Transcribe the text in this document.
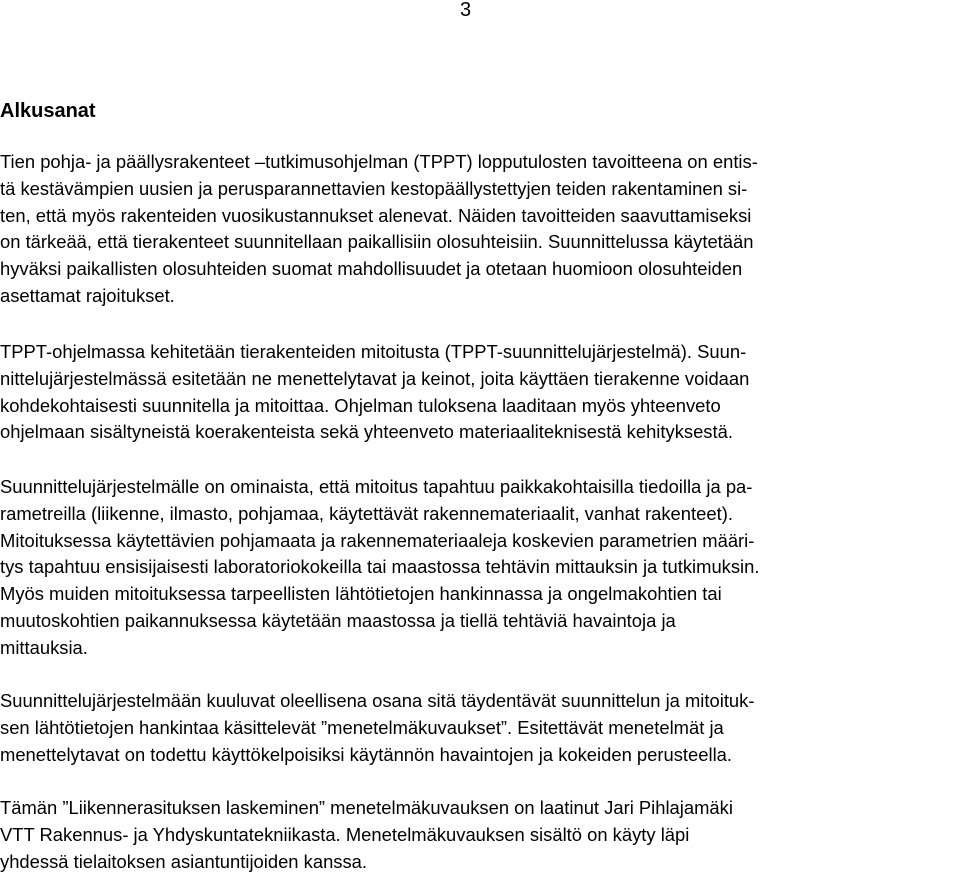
3
Alkusanat
Tien pohja- ja päällysrakenteet –tutkimusohjelman (TPPT) lopputulosten tavoitteena on entis-
tä kestävämpien uusien ja perusparannettavien kestopäällystettyjen teiden rakentaminen si-
ten, että myös rakenteiden vuosikustannukset alenevat. Näiden tavoitteiden saavuttamiseksi
on tärkeää, että tierakenteet suunnitellaan paikallisiin olosuhteisiin. Suunnittelussa käytetään
hyväksi paikallisten olosuhteiden suomat mahdollisuudet ja otetaan huomioon olosuhteiden
asettamat rajoitukset.
TPPT-ohjelmassa kehitetään tierakenteiden mitoitusta (TPPT-suunnittelujärjestelmä). Suun-
nittelujärjestelmässä esitetään ne menettelytavat ja keinot, joita käyttäen tierakenne voidaan
kohdekohtaisesti suunnitella ja mitoittaa. Ohjelman tuloksena laaditaan myös yhteenveto
ohjelmaan sisältyneistä koerakenteista sekä yhteenveto materiaaliteknisestä kehityksestä.
Suunnittelujärjestelmälle on ominaista, että mitoitus tapahtuu paikkakohtaisilla tiedoilla ja pa-
rametreilla (liikenne, ilmasto, pohjamaa, käytettävät rakennemateriaalit, vanhat rakenteet).
Mitoituksessa käytettävien pohjamaata ja rakennemateriaaleja koskevien parametrien määri-
tys tapahtuu ensisijaisesti laboratoriokokeilla tai maastossa tehtävin mittauksin ja tutkimuksin.
Myös muiden mitoituksessa tarpeellisten lähtötietojen hankinnassa ja ongelmakohtien tai
muutoskohtien paikannuksessa käytetään maastossa ja tiellä tehtäviä havaintoja ja
mittauksia.
Suunnittelujärjestelmään kuuluvat oleellisena osana sitä täydentävät suunnittelun ja mitoituk-
sen lähtötietojen hankintaa käsittelevät ”menetelmäkuvaukset”. Esitettävät menetelmät ja
menettelytavat on todettu käyttökelpoisiksi käytännön havaintojen ja kokeiden perusteella.
Tämän ”Liikennerasituksen laskeminen” menetelmäkuvauksen on laatinut Jari Pihlajamäki
VTT Rakennus- ja Yhdyskuntatekniikasta. Menetelmäkuvauksen sisältö on käyty läpi
yhdessä tielaitoksen asiantuntijoiden kanssa.
